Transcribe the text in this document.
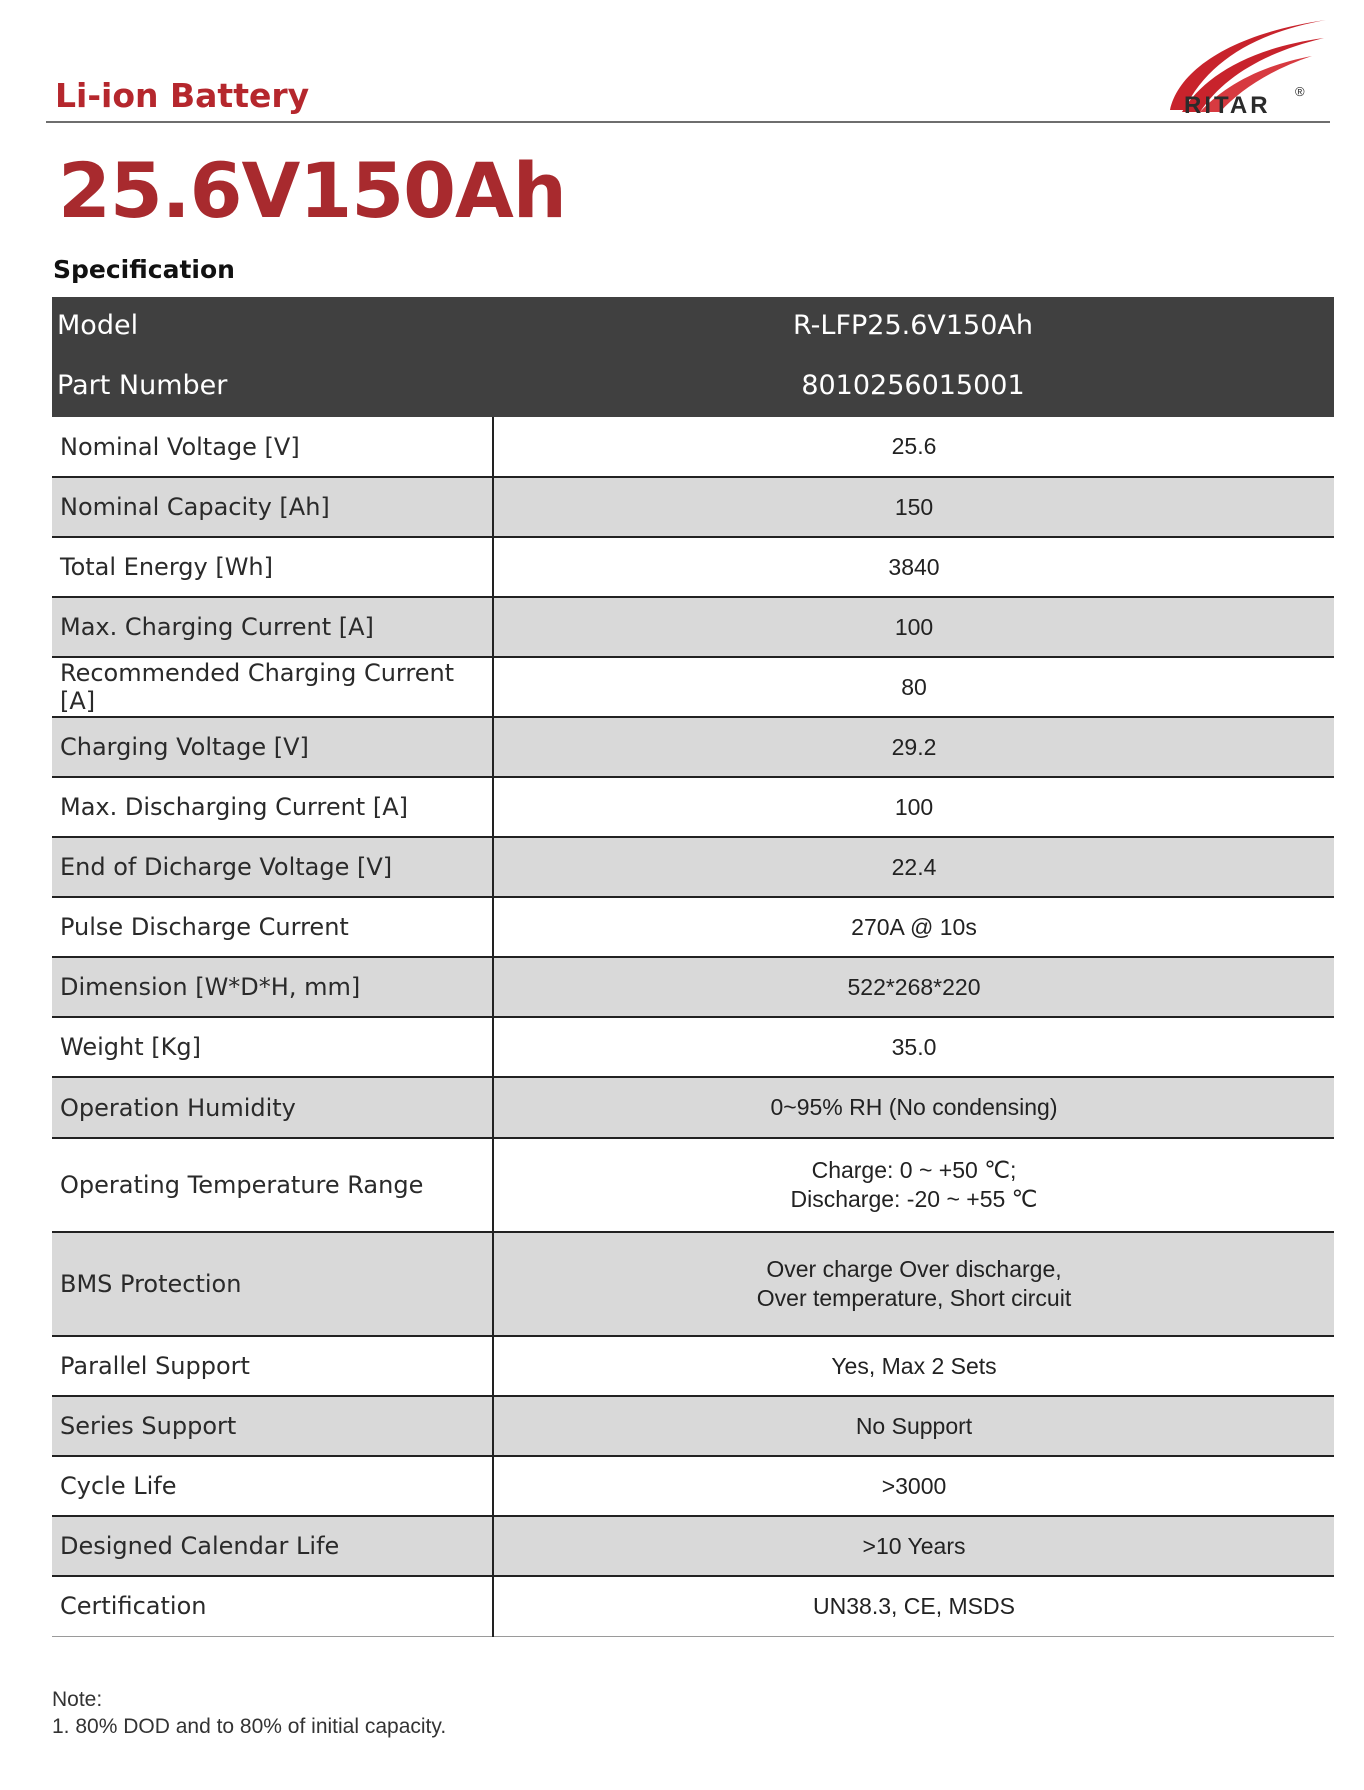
Li-ion Battery	RITAR
®
25.6V150Ah
Specification
Model	R-LFP25.6V150Ah
Part Number	8010256015001
Nominal Voltage [V]	25.6
Nominal Capacity [Ah]	150
Total Energy [Wh]	3840
Max. Charging Current [A]	100
Recommended Charging Current [A]	80
Charging Voltage [V]	29.2
Max. Discharging Current [A]	100
End of Dicharge Voltage [V]	22.4
Pulse Discharge Current	270A @ 10s
Dimension [W*D*H, mm]	522*268*220
Weight [Kg]	35.0
Operation Humidity	0~95% RH (No condensing)
Operating Temperature Range	Charge: 0 ~ +50 ℃;
Discharge: -20 ~ +55 ℃

BMS Protection	Over charge Over discharge,
Over temperature, Short circuit

Parallel Support	Yes, Max 2 Sets
Series Support	No Support
Cycle Life	>3000
Designed Calendar Life	>10 Years
Certification	UN38.3, CE, MSDS
Note:
1. 80% DOD and to 80% of initial capacity.
